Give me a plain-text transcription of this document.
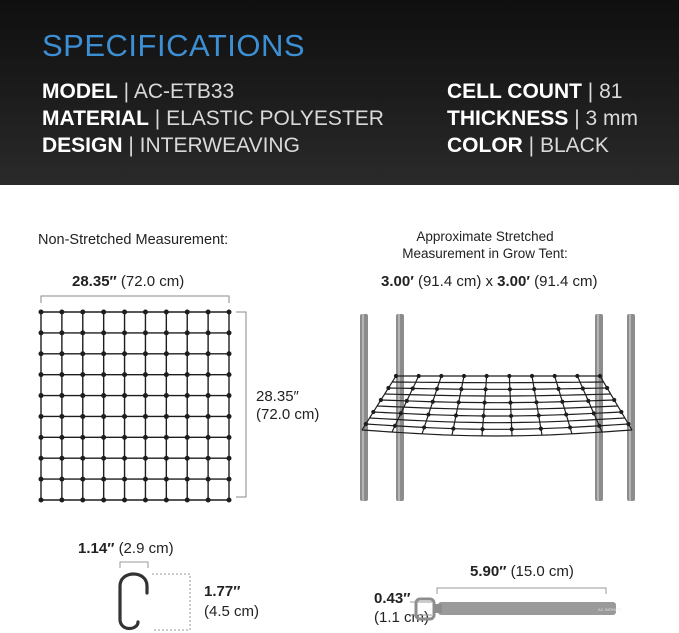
SPECIFICATIONS
MODEL | AC-ETB33
MATERIAL | ELASTIC POLYESTER
DESIGN | INTERWEAVING
CELL COUNT | 81
THICKNESS | 3 mm
COLOR | BLACK
Non-Stretched Measurement:
28.35″ (72.0 cm)
28.35″
(72.0 cm)
Approximate Stretched
Measurement in Grow Tent:
3.00′ (91.4 cm) x 3.00′ (91.4 cm)
1.14″ (2.9 cm)
1.77″
(4.5 cm)
5.90″ (15.0 cm)
0.43″
(1.1 cm)	AC INFINITY
